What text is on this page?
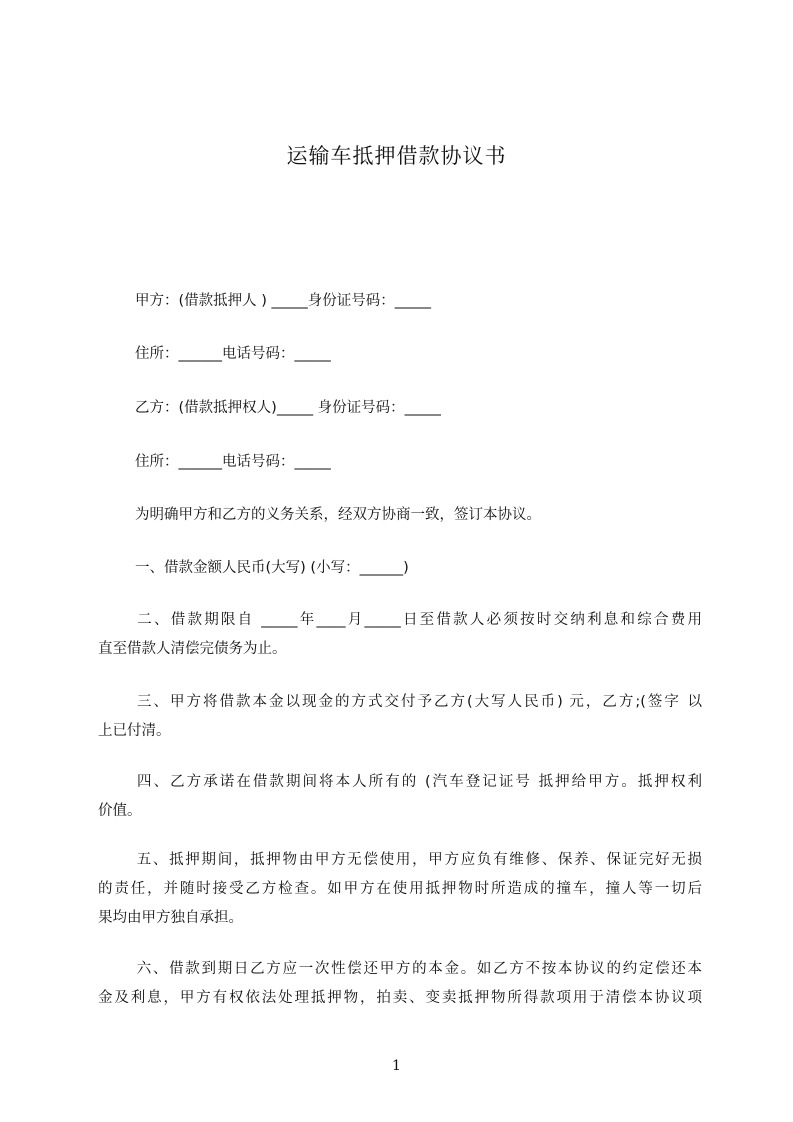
运输车抵押借款协议书
甲方：(借款抵押人 ) _____身份证号码：_____
住所：______电话号码：_____
乙方：(借款抵押权人)_____ 身份证号码：_____
住所：______电话号码：_____
为明确甲方和乙方的义务关系，经双方协商一致，签订本协议。
一、借款金额人民币(大写) (小写：______)
二、借款期限自 _____年____月_____日至借款人必须按时交纳利息和综合费用
直至借款人清偿完债务为止。
三、甲方将借款本金以现金的方式交付予乙方(大写人民币) 元，乙方;(签字 以
上已付清。
四、乙方承诺在借款期间将本人所有的 (汽车登记证号 抵押给甲方。抵押权利
价值。
五、抵押期间，抵押物由甲方无偿使用，甲方应负有维修、保养、保证完好无损
的责任，并随时接受乙方检查。如甲方在使用抵押物时所造成的撞车，撞人等一切后
果均由甲方独自承担。
六、借款到期日乙方应一次性偿还甲方的本金。如乙方不按本协议的约定偿还本
金及利息，甲方有权依法处理抵押物，拍卖、变卖抵押物所得款项用于清偿本协议项
1
